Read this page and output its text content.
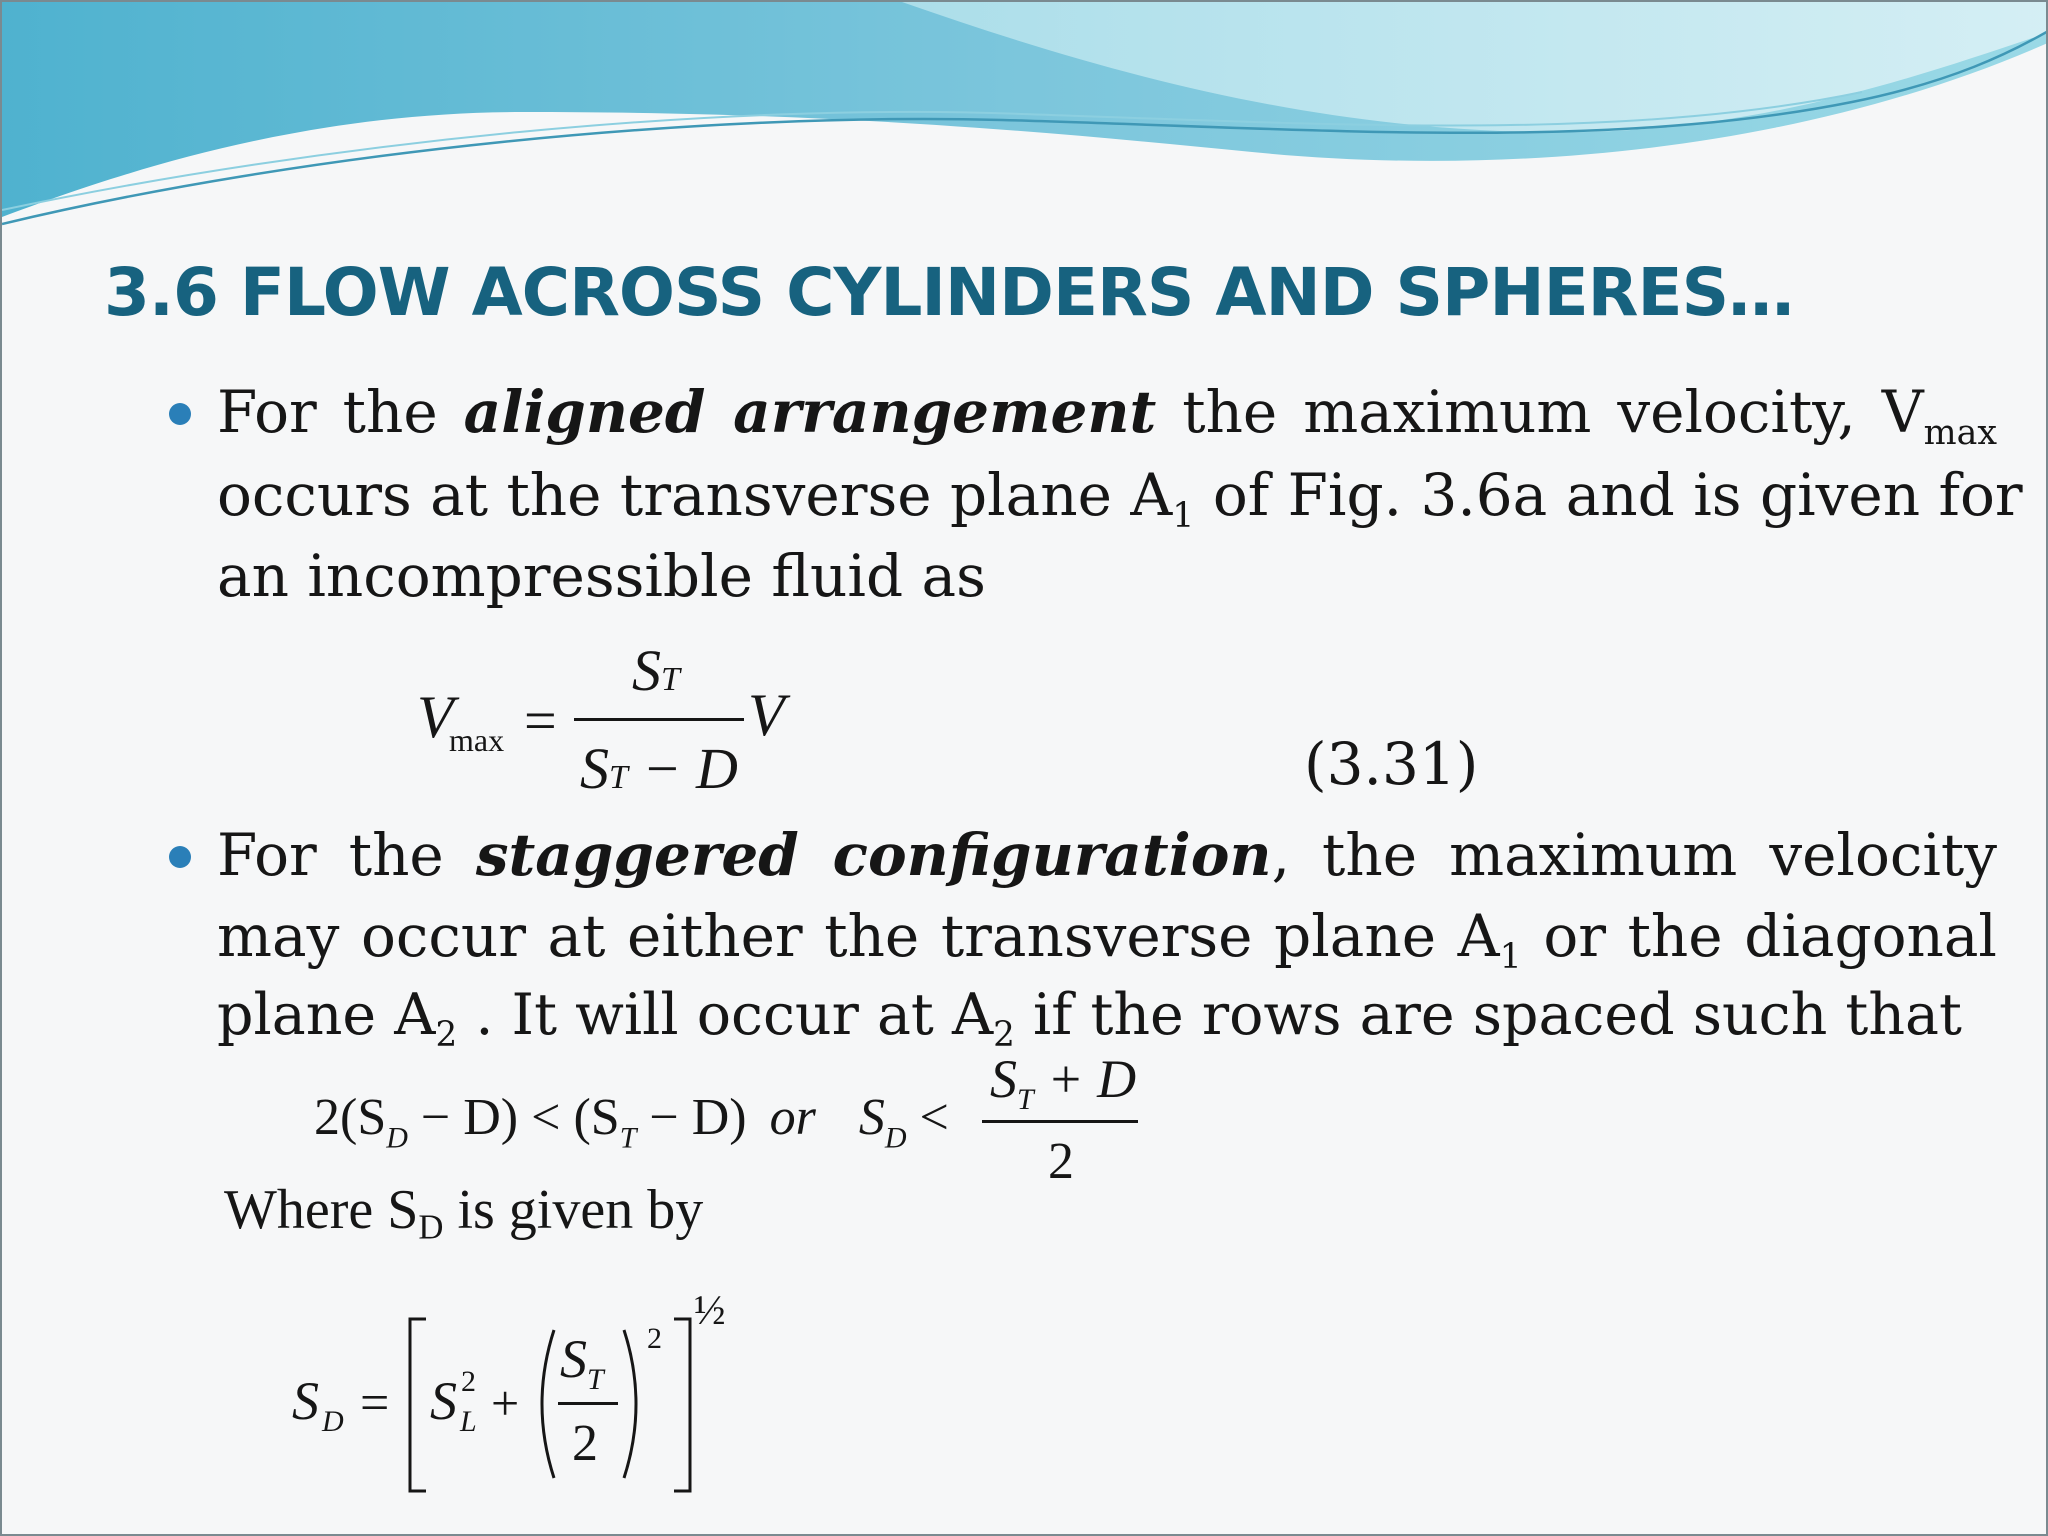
3.6 FLOW ACROSS CYLINDERS AND SPHERES…
For the aligned arrangement the maximum velocity, $V_{max}$
occurs at the transverse plane $A_1$ of Fig. 3.6a and is given for
an incompressible fluid as
V
max =
ST
ST − D
V
(3.31)
For the staggered configuration, the maximum velocity
may occur at either the transverse plane $A_1$ or the diagonal
plane $A_2$ . It will occur at $A_2$ if the rows are spaced such that
$2(S_D - D) < (S_T - D)$ or $S_D$ <
$S_T + D$
2
Where $S_D$ is given by
S D = S 2
L +
$S_T$
2
2
½
